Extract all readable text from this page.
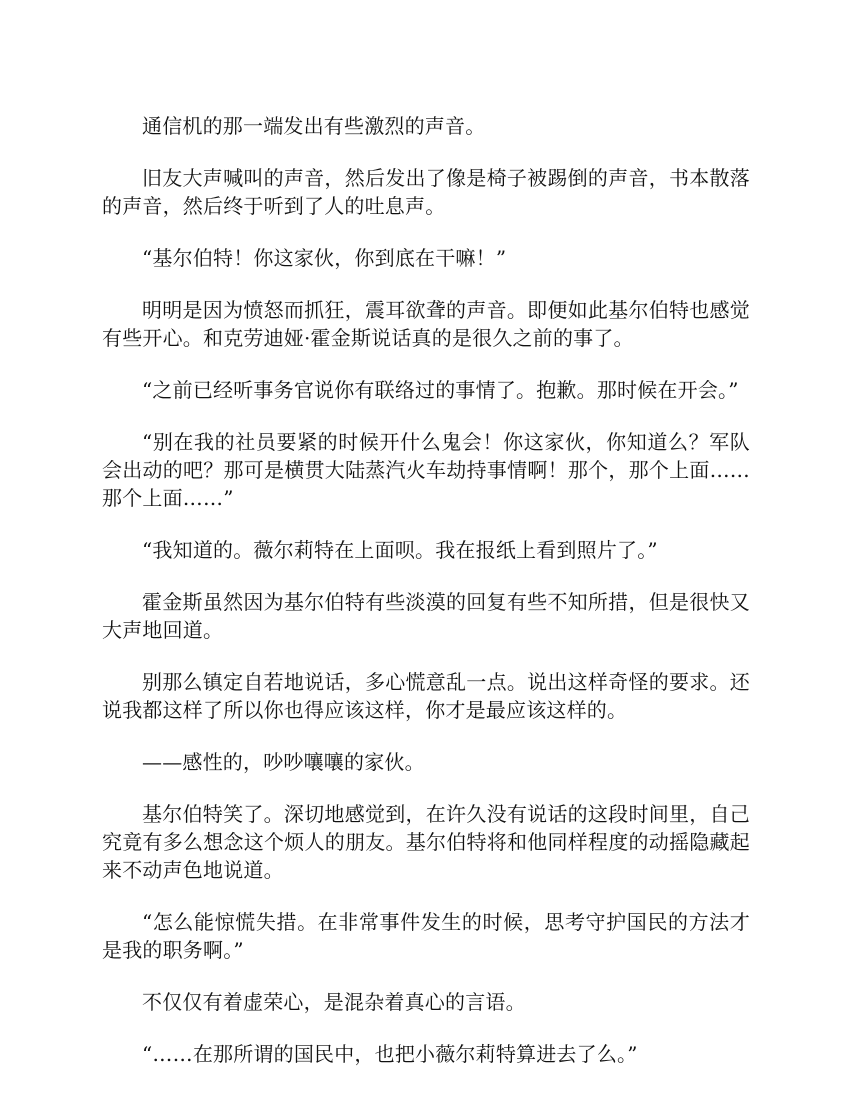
通信机的那一端发出有些激烈的声音。

旧友大声喊叫的声音，然后发出了像是椅子被踢倒的声音，书本散落的声音，然后终于听到了人的吐息声。

“基尔伯特！你这家伙，你到底在干嘛！”

明明是因为愤怒而抓狂，震耳欲聋的声音。即便如此基尔伯特也感觉有些开心。和克劳迪娅·霍金斯说话真的是很久之前的事了。

“之前已经听事务官说你有联络过的事情了。抱歉。那时候在开会。”

“别在我的社员要紧的时候开什么鬼会！你这家伙，你知道么？军队会出动的吧？那可是横贯大陆蒸汽火车劫持事情啊！那个，那个上面……那个上面……”

“我知道的。薇尔莉特在上面呗。我在报纸上看到照片了。”

霍金斯虽然因为基尔伯特有些淡漠的回复有些不知所措，但是很快又大声地回道。

别那么镇定自若地说话，多心慌意乱一点。说出这样奇怪的要求。还说我都这样了所以你也得应该这样，你才是最应该这样的。

——感性的，吵吵嚷嚷的家伙。

基尔伯特笑了。深切地感觉到，在许久没有说话的这段时间里，自己究竟有多么想念这个烦人的朋友。基尔伯特将和他同样程度的动摇隐藏起来不动声色地说道。

“怎么能惊慌失措。在非常事件发生的时候，思考守护国民的方法才是我的职务啊。”

不仅仅有着虚荣心，是混杂着真心的言语。

“……在那所谓的国民中，也把小薇尔莉特算进去了么。”
